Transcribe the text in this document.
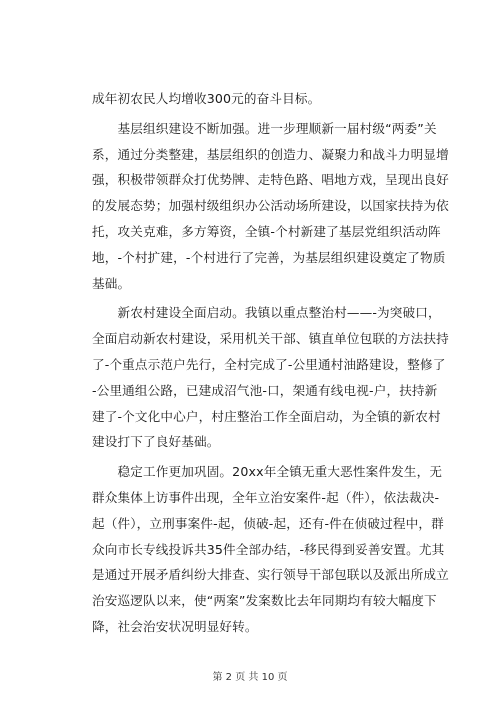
成年初农民人均增收300元的奋斗目标。

　　基层组织建设不断加强。进一步理顺新一届村级“两委”关
系，通过分类整建，基层组织的创造力、凝聚力和战斗力明显增
强，积极带领群众打优势牌、走特色路、唱地方戏，呈现出良好
的发展态势；加强村级组织办公活动场所建设，以国家扶持为依
托，攻关克难，多方筹资，全镇-个村新建了基层党组织活动阵
地，-个村扩建，-个村进行了完善，为基层组织建设奠定了物质
基础。

　　新农村建设全面启动。我镇以重点整治村——-为突破口，
全面启动新农村建设，采用机关干部、镇直单位包联的方法扶持
了-个重点示范户先行，全村完成了-公里通村油路建设，整修了
-公里通组公路，已建成沼气池-口，架通有线电视-户，扶持新
建了-个文化中心户，村庄整治工作全面启动，为全镇的新农村
建设打下了良好基础。

　　稳定工作更加巩固。20xx年全镇无重大恶性案件发生，无
群众集体上访事件出现，全年立治安案件-起（件），依法裁决-
起（件），立刑事案件-起，侦破-起，还有-件在侦破过程中，群
众向市长专线投诉共35件全部办结，-移民得到妥善安置。尤其
是通过开展矛盾纠纷大排查、实行领导干部包联以及派出所成立
治安巡逻队以来，使“两案”发案数比去年同期均有较大幅度下
降，社会治安状况明显好转。

第 2 页 共 10 页
